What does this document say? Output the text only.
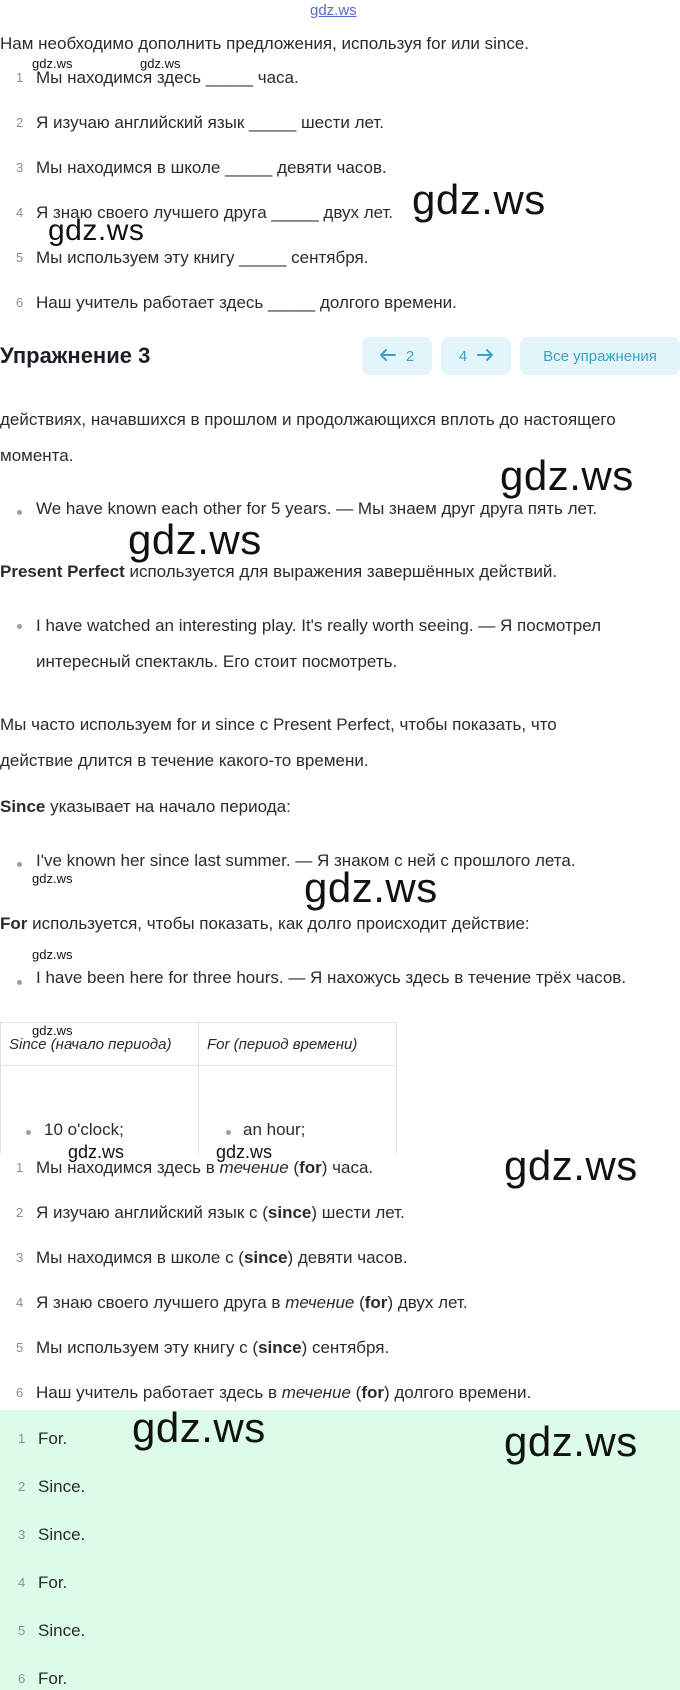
gdz.ws
Нам необходимо дополнить предложения, используя for или since.
1 Мы находимся здесь _____ часа.
2 Я изучаю английский язык _____ шести лет.
3 Мы находимся в школе _____ девяти часов.
4 Я знаю своего лучшего друга _____ двух лет.
5 Мы используем эту книгу _____ сентября.
6 Наш учитель работает здесь _____ долгого времени.
Упражнение 3	2	4	Все упражнения
действиях, начавшихся в прошлом и продолжающихся вплоть до настоящего
момента.
We have known each other for 5 years. — Мы знаем друг друга пять лет.
Present Perfect используется для выражения завершённых действий.
I have watched an interesting play. It's really worth seeing. — Я посмотрел
интересный спектакль. Его стоит посмотреть.
Мы часто используем for и since с Present Perfect, чтобы показать, что
действие длится в течение какого-то времени.
Since указывает на начало периода:
I've known her since last summer. — Я знаком с ней с прошлого лета.
For используется, чтобы показать, как долго происходит действие:
I have been here for three hours. — Я нахожусь здесь в течение трёх часов.
Since (начало периода) For (период времени)
10 o'clock;	an hour;
1 Мы находимся здесь в течение (for) часа.
2 Я изучаю английский язык с (since) шести лет.
3 Мы находимся в школе с (since) девяти часов.
4 Я знаю своего лучшего друга в течение (for) двух лет.
5 Мы используем эту книгу с (since) сентября.
6 Наш учитель работает здесь в течение (for) долгого времени.
1 For.
2 Since.
3 Since.
4 For.
5 Since.
6 For.
gdz.ws
gdz.ws
gdz.ws
gdz.ws
gdz.ws
gdz.ws
gdz.ws	gdz.ws
gdz.ws	gdz.ws
gdz.ws
gdz.ws
gdz.ws
gdz.ws	gdz.ws
